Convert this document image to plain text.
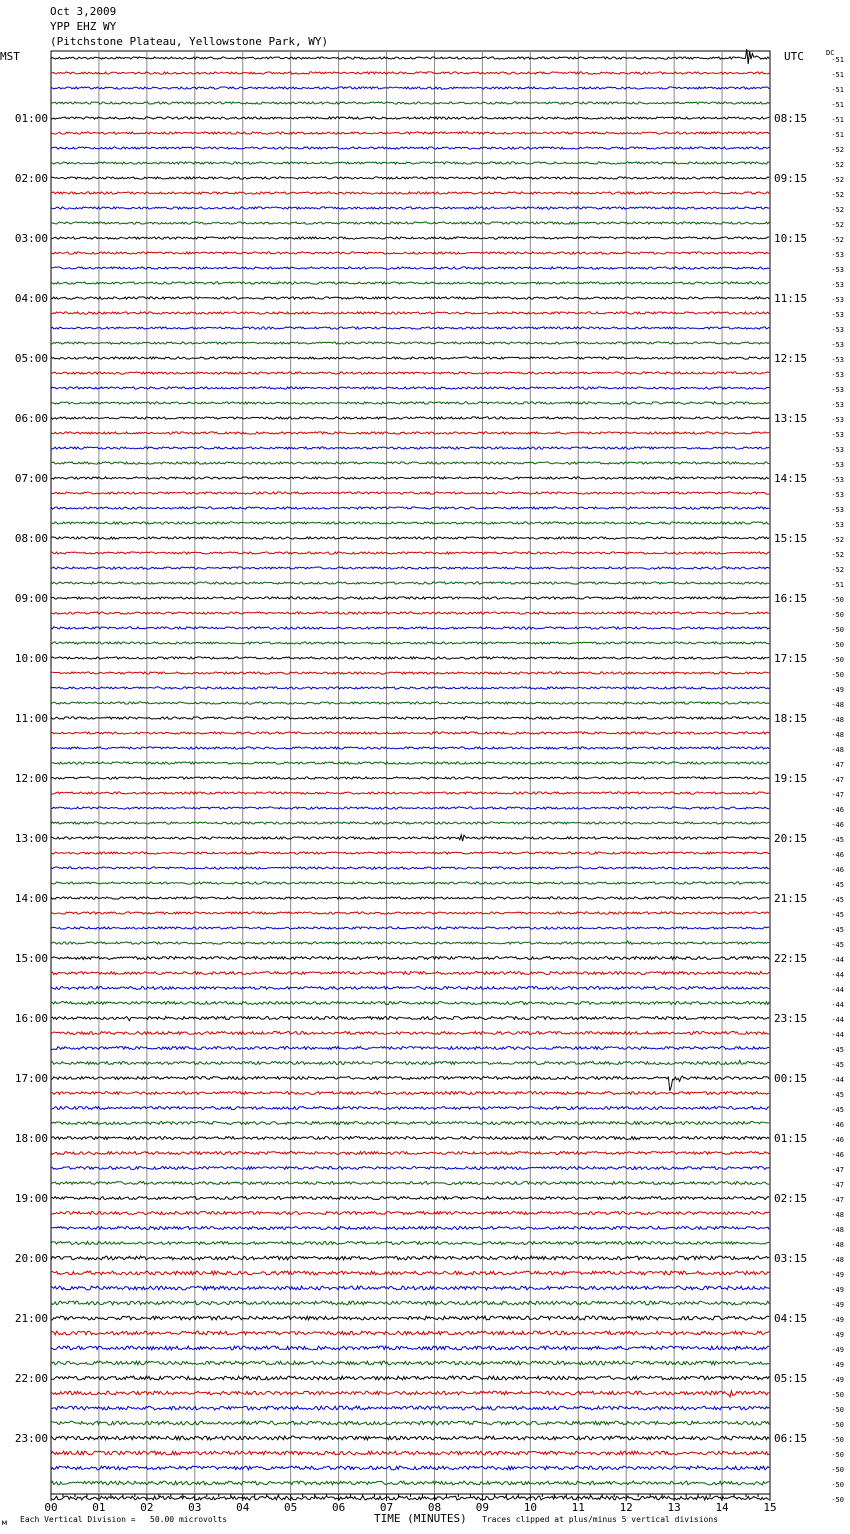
Oct 3,2009
YPP EHZ WY
(Pitchstone Plateau, Yellowstone Park, WY)
MST	UTC	DC
00	01	02	03	04	05	06	07	08	09	10	11	12	13	14	15
-51
-51
-51
-51
-51
01:00	08:15
-51
-52
-52
-52
02:00	09:15
-52
-52
-52
-52
03:00	10:15
-53
-53
-53
-53
04:00	11:15
-53
-53
-53
-53
05:00	12:15
-53
-53
-53
-53
06:00	13:15
-53
-53
-53
-53
07:00	14:15
-53
-53
-53
-52
08:00	15:15
-52
-52
-51
-50
09:00	16:15
-50
-50
-50
-50
10:00	17:15
-50
-49
-48
-48
11:00	18:15
-48
-48
-47
-47
12:00	19:15
-47
-46
-46
-45
13:00	20:15
-46
-46
-45
-45
14:00	21:15
-45
-45
-45
-44
15:00	22:15
-44
-44
-44
-44
16:00	23:15
-44
-45
-45
-44
17:00	00:15
-45
-45
-46
-46
18:00	01:15
-46
-47
-47
-47
19:00	02:15
-48
-48
-48
-48
20:00	03:15
-49
-49
-49
-49
21:00	04:15
-49
-49
-49
-49
22:00	05:15
-50
-50
-50
-50
23:00	06:15
-50
-50
-50
-50
Each Vertical Division =   50.00 microvolts	TIME (MINUTES) Traces clipped at plus/minus 5 vertical divisions
м
